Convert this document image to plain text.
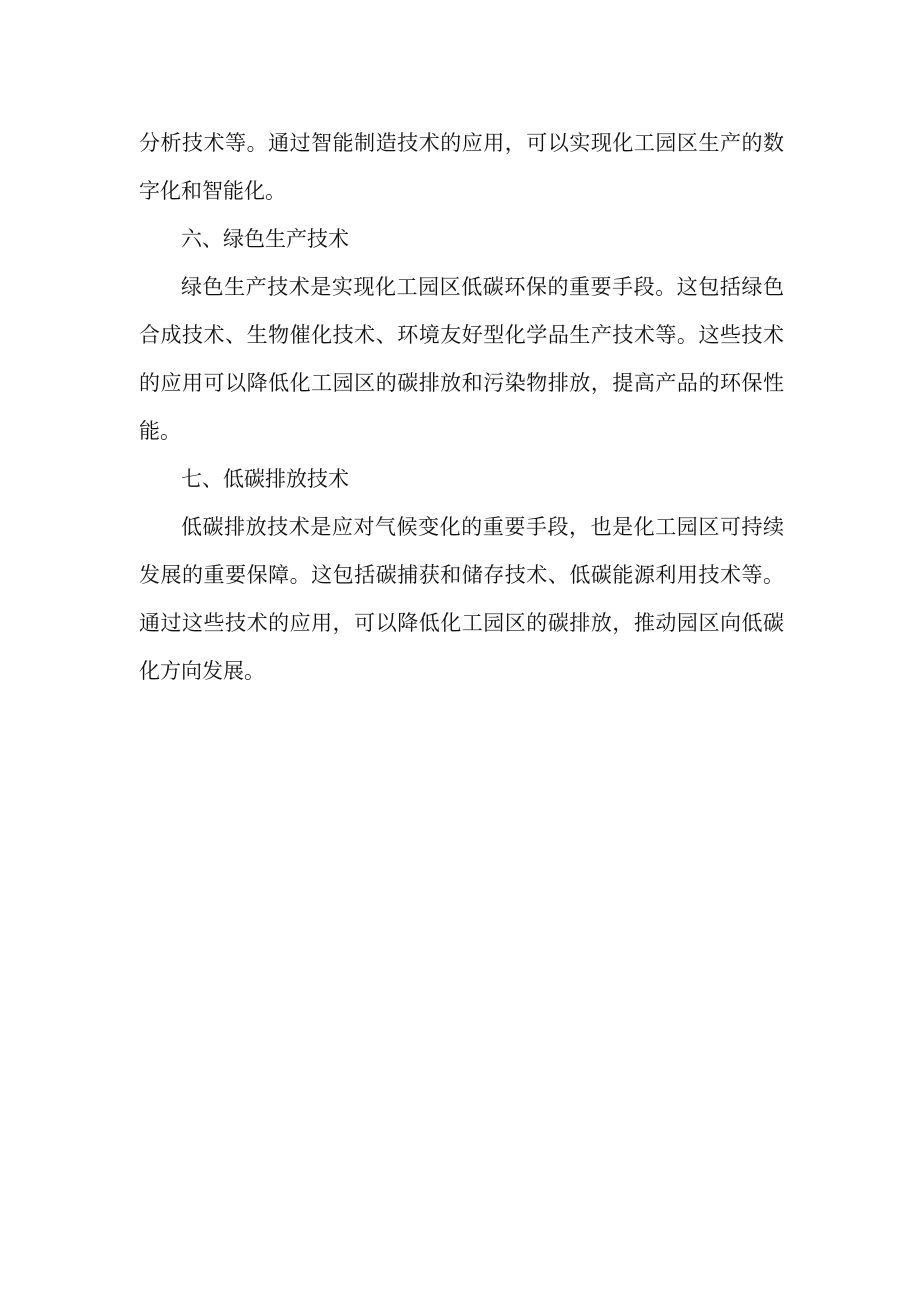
分析技术等。通过智能制造技术的应用，可以实现化工园区生产的数字化和智能化。

六、绿色生产技术

绿色生产技术是实现化工园区低碳环保的重要手段。这包括绿色合成技术、生物催化技术、环境友好型化学品生产技术等。这些技术的应用可以降低化工园区的碳排放和污染物排放，提高产品的环保性能。

七、低碳排放技术

低碳排放技术是应对气候变化的重要手段，也是化工园区可持续发展的重要保障。这包括碳捕获和储存技术、低碳能源利用技术等。通过这些技术的应用，可以降低化工园区的碳排放，推动园区向低碳化方向发展。
